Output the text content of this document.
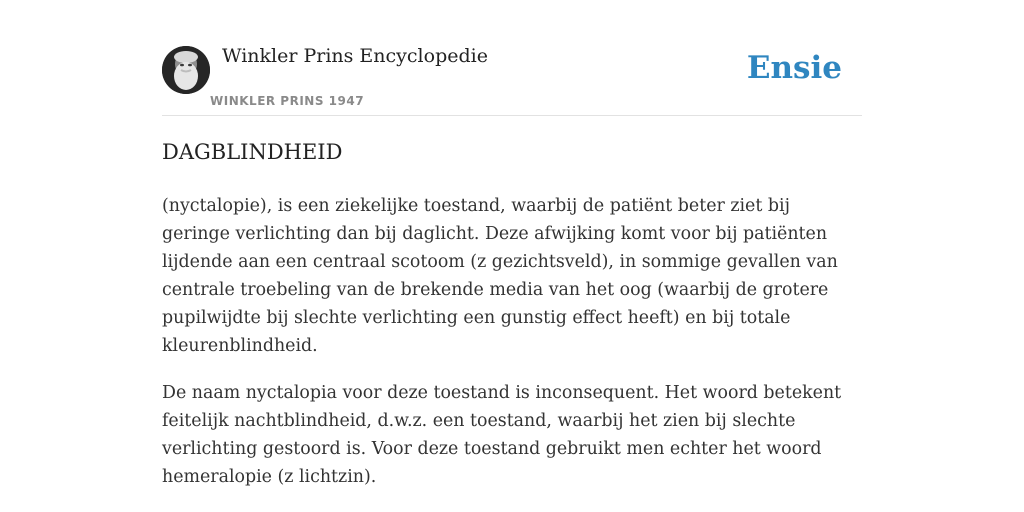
Winkler Prins Encyclopedie
WINKLER PRINS 1947
Ensie
DAGBLINDHEID

(nyctalopie), is een ziekelijke toestand, waarbij de patiënt beter ziet bij geringe verlichting dan bij daglicht. Deze afwijking komt voor bij patiënten lijdende aan een centraal scotoom (z gezichtsveld), in sommige gevallen van centrale troebeling van de brekende media van het oog (waarbij de grotere pupilwijdte bij slechte verlichting een gunstig effect heeft) en bij totale kleurenblindheid.

De naam nyctalopia voor deze toestand is inconsequent. Het woord betekent feitelijk nachtblindheid, d.w.z. een toestand, waarbij het zien bij slechte verlichting gestoord is. Voor deze toestand gebruikt men echter het woord hemeralopie (z lichtzin).
